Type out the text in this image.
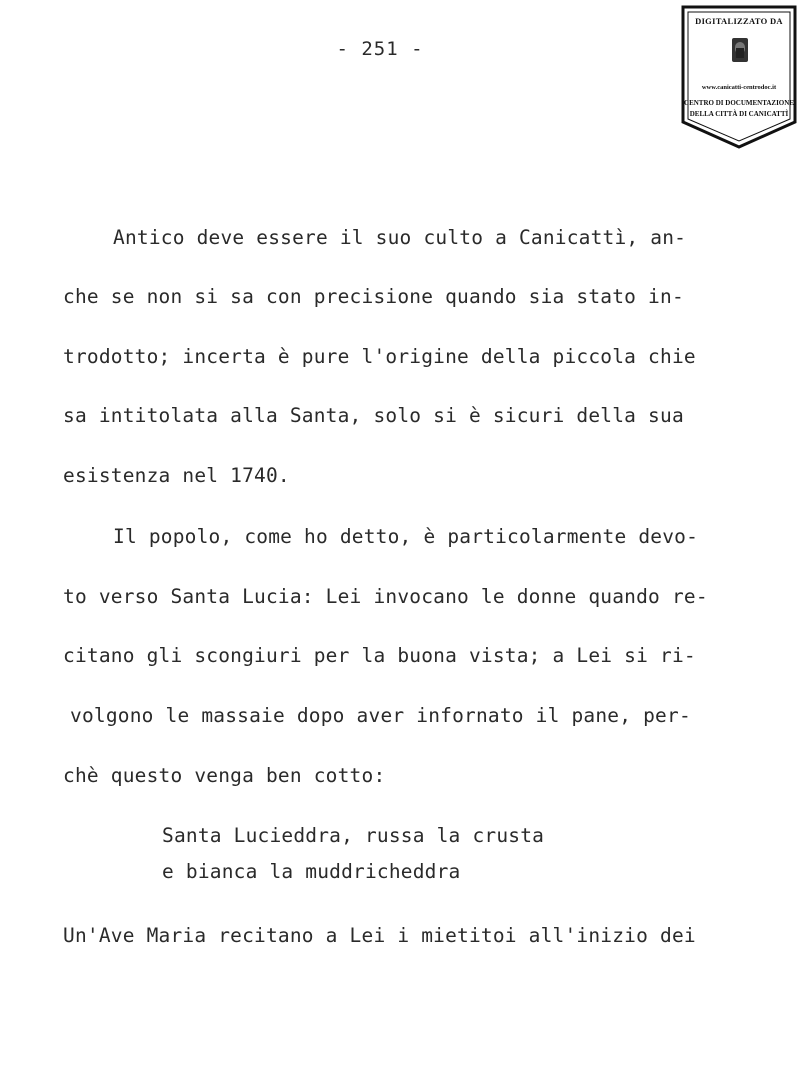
- 251 -
DIGITALIZZATO DA
www.canicatti-centrodoc.it
CENTRO DI DOCUMENTAZIONE
DELLA CITTÀ DI CANICATTÌ
Antico deve essere il suo culto a Canicattì, an-
che se non si sa con precisione quando sia stato in-
trodotto; incerta è pure l'origine della piccola chie
sa intitolata alla Santa, solo si è sicuri della sua
esistenza nel 1740.
Il popolo, come ho detto, è particolarmente devo-
to verso Santa Lucia: Lei invocano le donne quando re-
citano gli scongiuri per la buona vista; a Lei si ri-
volgono le massaie dopo aver infornato il pane, per-
chè questo venga ben cotto:
Santa Lucieddra, russa la crusta
e bianca la muddricheddra
Un'Ave Maria recitano a Lei i mietitoi all'inizio dei
